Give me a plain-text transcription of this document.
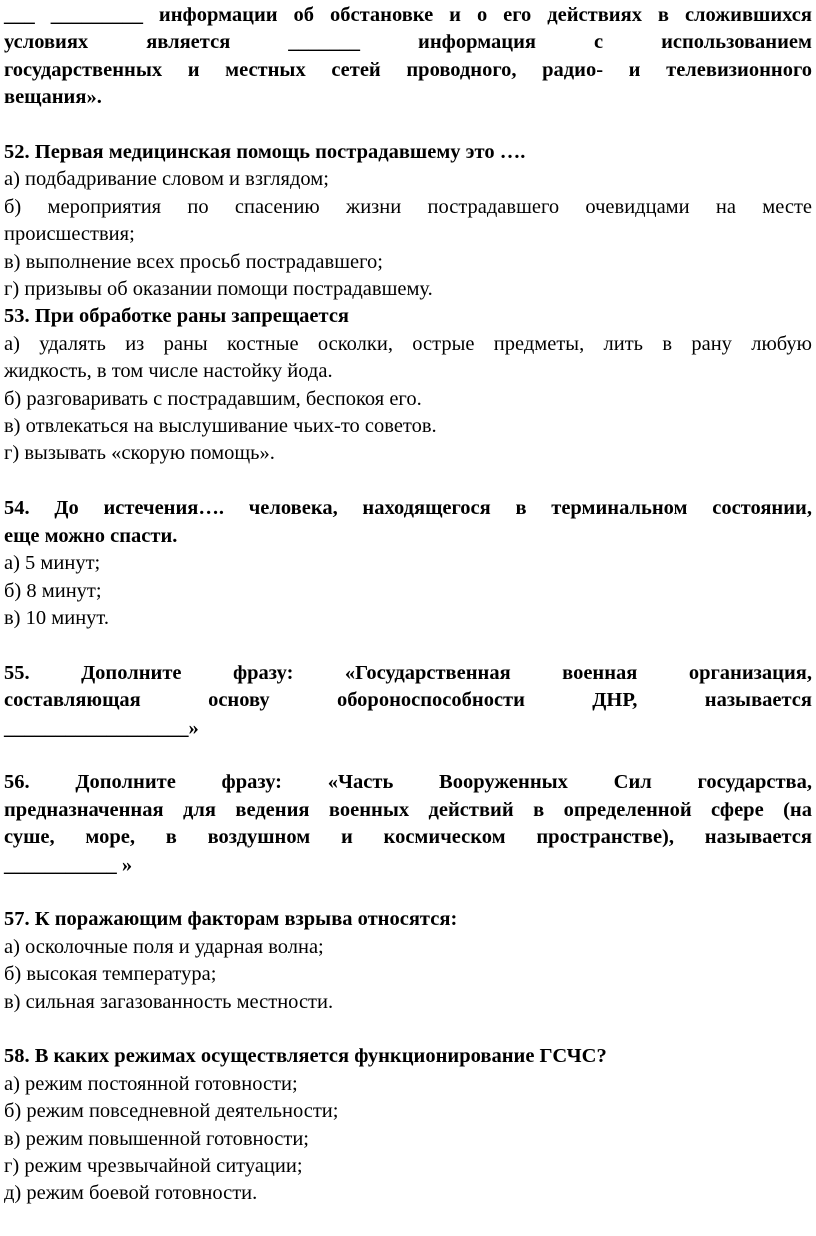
___ _________ информации об обстановке и о его действиях в сложившихся

условиях является _______ информация с использованием

государственных и местных сетей проводного, радио- и телевизионного

вещания».

52. Первая медицинская помощь пострадавшему это ….

а) подбадривание словом и взглядом;

б) мероприятия по спасению жизни пострадавшего очевидцами на месте

происшествия;

в) выполнение всех просьб пострадавшего;

г) призывы об оказании помощи пострадавшему.

53. При обработке раны запрещается

а) удалять из раны костные осколки, острые предметы, лить в рану любую

жидкость, в том числе настойку йода.

б) разговаривать с пострадавшим, беспокоя его.

в) отвлекаться на выслушивание чьих-то советов.

г) вызывать «скорую помощь».

54. До истечения…. человека, находящегося в терминальном состоянии,

еще можно спасти.

а) 5 минут;

б) 8 минут;

в) 10 минут.

55. Дополните фразу: «Государственная военная организация,

составляющая основу обороноспособности ДНР, называется

__________________»

56. Дополните фразу: «Часть Вооруженных Сил государства,

предназначенная для ведения военных действий в определенной сфере (на

суше, море, в воздушном и космическом пространстве), называется

___________ »

57. К поражающим факторам взрыва относятся:

а) осколочные поля и ударная волна;

б) высокая температура;

в) сильная загазованность местности.

58. В каких режимах осуществляется функционирование ГСЧС?

а) режим постоянной готовности;

б) режим повседневной деятельности;

в) режим повышенной готовности;

г) режим чрезвычайной ситуации;

д) режим боевой готовности.
